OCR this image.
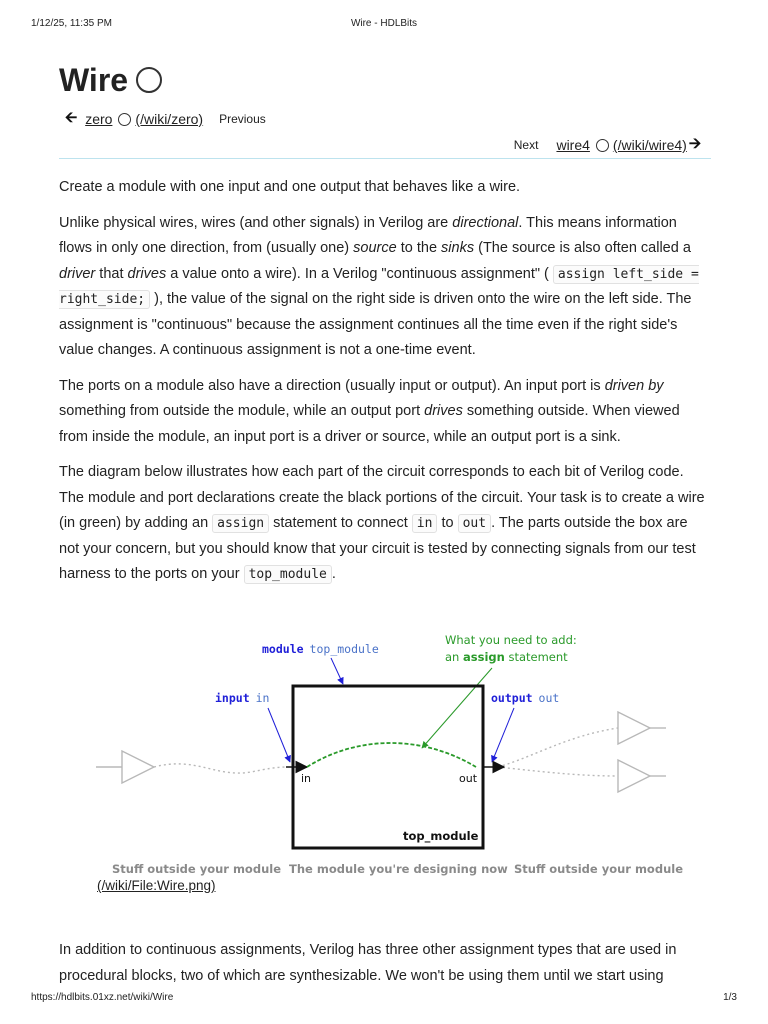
1/12/25, 11:35 PM	Wire - HDLBits
Wire
🡨 zero (/wiki/zero) Previous
Next wire4 (/wiki/wire4) 🡪

Create a module with one input and one output that behaves like a wire.

Unlike physical wires, wires (and other signals) in Verilog are directional. This means information flows in only one direction, from (usually one) source to the sinks (The source is also often called a driver that drives a value onto a wire). In a Verilog "continuous assignment" ( assign left_side = right_side; ), the value of the signal on the right side is driven onto the wire on the left side. The assignment is "continuous" because the assignment continues all the time even if the right side's value changes. A continuous assignment is not a one-time event.

The ports on a module also have a direction (usually input or output). An input port is driven by something from outside the module, while an output port drives something outside. When viewed from inside the module, an input port is a driver or source, while an output port is a sink.

The diagram below illustrates how each part of the circuit corresponds to each bit of Verilog code. The module and port declarations create the black portions of the circuit. Your task is to create a wire (in green) by adding an assign statement to connect in to out . The parts outside the box are not your concern, but you should know that your circuit is tested by connecting signals from our test harness to the ports on your top_module .

module top_module
What you need to add:
an assign statement
input in	output out
in	out
top_module
Stuff outside your module The module you're designing now Stuff outside your module
(/wiki/File:Wire.png)

In addition to continuous assignments, Verilog has three other assignment types that are used in procedural blocks, two of which are synthesizable. We won't be using them until we start using

https://hdlbits.01xz.net/wiki/Wire	1/3
